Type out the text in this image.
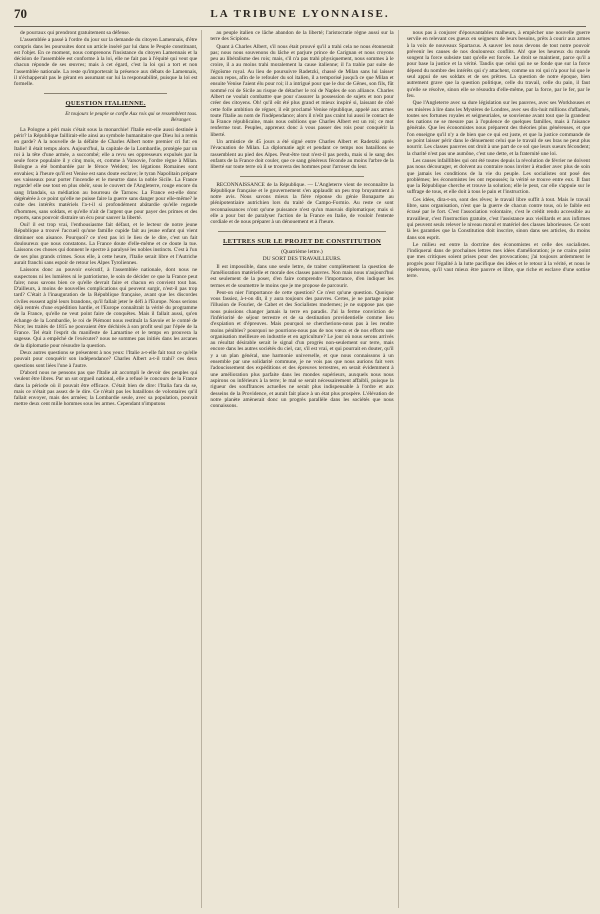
70	LA TRIBUNE LYONNAISE.

de pourraux qui prendront gratuitement sa défense.

L'assemblée a passé à l'ordre du jour sur la demande du citoyen Lamennais, d'être compris dans les poursuites dont un article inséré par lui dans le Peuple constituant, est l'objet. En ce moment, nous comprenons l'insistance du citoyen Lamennais et la décision de l'assemblée est conforme à la loi, elle ne fait pas à l'équité qui veut que chacun réponde de ses œuvres; mais à cet égard, c'est la loi qui a tort et non l'assemblée nationale. La reste qu'importerait la présence aux débats de Lamennais, il n'échapperait pas le gérant en assumant sur lui la responsabilité, puisque la loi est formelle.

QUESTION ITALIENNE.
Et toujours le peuple se confie Aux rois qui se ressemblent tous.
Béranger.

La Pologne a péri mais c'était sous la monarchie! l'Italie est-elle aussi destinée à périr? la République faillirait-elle ainsi au symbole humanitaire que Dieu lui a remis en garde? A la nouvelle de la défaite de Charles Albert notre premier cri fut: en Italie! il était temps alors. Aujourd'hui, la capitale de la Lombardie, protégée par un roi à la tête d'une armée, a succombé; elle a revu ses oppresseurs expulsés par la seule force populaire il y cinq mois, et, comme à Varsovie, l'ordre règne à Milan. Bologne a été bombardée par le féroce Welden; les légations Romaines sont envahies; à l'heure qu'il est Venise est sans doute esclave; le tyran Napolitain prépare ses vaisseaux pour porter l'incendie et le meurtre dans la noble Sicile. La France regarde! elle ose tout en plus obéir, sous le couvert de l'Angleterre, rouge encore du sang Irlandais, sa médiation au bourreau de Tarnow. La France est-elle donc dégénérée à ce point qu'elle ne puisse faire la guerre sans danger pour elle-même? le culte des intérêts matériels l'a-t-il si profondément abâtardie qu'elle regarde d'hommes, sans soldats, et qu'elle n'ait de l'argent que pour payer des primes et des reports, sans pouvoir distraire un écu pour sauver la liberté.

Oui! il est trop vrai, l'enthousiasme fait défaut, et le lecteur de notre jeune République a trouvé l'accueil qu'une famille cupide fait au jeune enfant qui vient diminuer son aisance. Pourquoi? ce n'est pas ici le lieu de le dire, c'est un fait douloureux que nous constatons. La France doute d'elle-même et ce doute la tue. Laissons ces choses qui donnent le spectre à paralysé les nobles instincts. C'est à l'un de ses plus grands crimes. Sous elle, à cette heure, l'Italie serait libre et l'Autriche aurait franchi sans espoir de retour les Alpes Tyroliennes.

Laissons donc au pouvoir exécutif, à l'assemblée nationale, dont nous ne suspectons ni les lumières ni le patriotisme, le soin de décider ce que la France peut faire; nous savons bien ce qu'elle devrait faire et chacun en convient tout bas. D'ailleurs, à moins de nouvelles complications qui peuvent surgir, n'est-il pas trop tard? C'était à l'inauguration de la République française, avant que les discordes civiles eussent agité leurs brandons, qu'il fallait jeter le défi à l'Europe. Nous serions déjà rentrés d'une expédition hardie, et l'Europe connaîtrait la vérité du programme de la France, qu'elle ne veut point faire de conquêtes. Mais il fallait aussi, qu'en échange de la Lombardie, le roi de Piémont nous restituât la Savoie et le comté de Nice; les traités de 1815 ne pouvaient être déchirés à son profit seul par l'épée de la France. Tel était l'esprit du manifeste de Lamartine et le temps en prouvera la sagesse. Qui a empêché de l'exécuter? nous ne sommes pas initiés dans les arcanes de la diplomatie pour résoudre la question.

Deux autres questions se présentent à nos yeux: l'Italie a-t-elle fait tout ce qu'elle pouvait pour conquérir son indépendance? Charles Albert a-t-il trahi? ces deux questions sont liées l'une à l'autre.

D'abord nous ne pensons pas que l'Italie ait accompli le devoir des peuples qui veulent être libres. Par un sot orgueil national, elle a refusé le concours de la France dans la période où il pouvait être efficace. C'était bien de dire: l'Italia fara da se, mais ce n'était pas assez de le dire. Ce n'était pas les bataillons de volontaires qu'il fallait envoyer, mais des armées; la Lombardie seule, avec sa population, pouvait mettre deux cent mille hommes sous les armes. Cependant n'imputons

au peuple italien ce lâche abandon de la liberté; l'aristocratie règne aussi sur la terre des Scipions.

Quant à Charles Albert, s'il nous était prouvé qu'il a trahi cela ne nous étonnerait pas; nous nous souvenons du lâche et parjure prince de Carignan et nous croyons peu au libéralisme des rois; mais, s'il n'a pas trahi physiquement, nous sommes à le croire, il a au moins trahi moralement la cause italienne; il l'a trahie par suite de l'égoïsme royal. Au lieu de poursuivre Radetzki, chassé de Milan sans lui laisser aucun repos, afin de le refouler du sol italien, il a temporisé jusqu'à ce que Milan et ensuite Venise l'aient élu pour roi; il a intrigué pour que le duc de Gênes, son fils, fût nommé roi de Sicile au risque de détacher le roi de Naples de son alliance. Charles Albert ne voulait combattre que pour s'assurer la possession de sujets et non pour créer des citoyens. Oh! qu'il eût été plus grand et mieux inspiré si, laissant de côté cette folle ambition de régner, il eût proclamé Venise république, appelé aux armes toute l'Italie au nom de l'indépendance; alors il n'eût pas craint lui aussi le contact de la France républicaine, mais nous oublions que Charles Albert est un roi; ce mot renferme tout. Peuples, apprenez donc à vous passer des rois pour conquérir la liberté.

Un armistice de 45 jours a été signé entre Charles Albert et Radetzki après l'évacuation de Milan. La diplomatie agit et pendant ce temps nos bataillons se rassemblent au pied des Alpes. Peut-être tout n'est-il pas perdu, mais si le sang des enfants de la France doit couler, que ce sang généreux féconde au moins l'arbre de la liberté sur toute terre où il se trouvera des hommes pour l'arroser du leur.

RECONNAISSANCE de la République. — L'Angleterre vient de reconnaître la République française et le gouvernement s'en applaudit un peu trop bruyamment à notre avis. Nous savons mieux la fière réponse du génie Bonaparte au plénipotentiaire autrichien lors du traité de Campo-Formio. Au reste ce sont reconnaissances n'ont qu'une puissance n'est qu'un mauvais diplomatique; mais si elle a pour but de paralyser l'action de la France en Italie, de vouloir l'entente cordiale et de nous préparer à un dénouement et à l'heure.

LETTRES SUR LE PROJET DE CONSTITUTION
(Quatrième lettre.)
DU SORT DES TRAVAILLEURS.

Il est impossible, dans une seule lettre, de traiter complètement la question de l'amélioration matérielle et morale des classes pauvres. Non mais nous n'aujourd'hui est seulement de la poser, d'en faire comprendre l'importance, d'en indiquer les termes et de soumettre le moins que je me propose de parcourir.

Peut-on nier l'importance de cette question? Ce n'est qu'une question. Quoique vous fassiez, à-t-on dit, il y aura toujours des pauvres. Certes, je ne partage point l'illusion de Fourier, de Cabet et des Socialistes modernes; je ne suppose pas que nous puissions changer jamais la terre en paradis. J'ai la ferme conviction de l'infériorité de séjour terrestre et de sa destination providentielle comme lieu d'expiation et d'épreuves. Mais pourquoi se chercherions-nous pas à les rendre moins pénibles? pourquoi ne pourrions-nous pas de nos vœux et de nos efforts une organisation meilleure en industrie et en agriculture? Le jour où nous serons arrivés au résultat désirable serait le signal d'un progrès non-seulement sur terre, mais encore dans les autres sociétés du ciel, car, s'il est vrai, et qui pourrait en douter, qu'il y a un plan général, une harmonie universelle, et que nous connaissons à un ensemble par une solidarité commune, je ne vois pas que nous aurions fait vers l'adoucissement des expéditions et des épreuves terrestres, en serait évidemment à une amélioration plus parfaite dans les mondes supérieurs, auxquels nous nous aspirons ou inférieurs à la terre; le mal se serait nécessairement affaibli, puisque la rigueur des souffrances actuelles ne serait plus indispensable à l'ordre et aux desseins de la Providence, et aurait fait place à un état plus prospère. L'élévation de notre planète amènerait donc un progrès parallèle dans les sociétés que nous connaissons.

nous pas à conjurer d'épouvantables malheurs, à empêcher une nouvelle guerre servile en relevant ces gueux en seigneurs de leurs besoins, prêts à courir aux armes à la voix de nouveaux Spartacus. A sauver les nous devons de tout notre pouvoir prévenir les causes de nos douloureux conflits. Ah! que les heureux du monde songent la force subsiste tant qu'elle est forcée. Le droit se maintient, parce qu'il a pour base la justice et la vérité. Tandis que celui qui ne se fonde que sur la force dépend du nombre des intérêts qui s'y attachent, comme un roi qui n'a pour lui que le seul appui de ses soldats et de ses prêtres. La question de notre époque, bien autrement grave que la question politique, celle du travail, celle du pain, il faut qu'elle se résolve, sinon elle se résoudra d'elle-même, par la force, par le fer, par le feu.

Que l'Angleterre avec sa dure législation sur les pauvres, avec ses Workhouses et ses misères à lire dans les Mystères de Londres, avec ses dix-huit millions d'affamés, toutes ses fortunes royales et seigneuriales, se souvienne avant tout que la grandeur des nations ne se mesure pas à l'opulence de quelques familles, mais à l'aisance générale. Que les économistes nous préparent des théories plus généreuses, et que l'on enseigne qu'il n'y a de bien que ce qui est juste, et que la justice commande de ne point laisser périr dans le dénuement celui que le travail de ses bras ne peut plus nourrir. Les classes pauvres ont droit à une part de ce sol que leurs sueurs fécondent; la charité n'est pas une aumône, c'est une dette, et la fraternité une loi.

Les causes infaillibles qui ont été toutes depuis la révolution de février ne doivent pas nous décourager, et doivent au contraire nous inviter à étudier avec plus de soin que jamais les conditions de la vie du peuple. Les socialistes ont posé des problèmes; les économistes les ont repoussés; la vérité se trouve entre eux. Il faut que la République cherche et trouve la solution; elle le peut, car elle s'appuie sur le suffrage de tous, et elle doit à tous le pain et l'instruction.

Ces idées, dira-t-on, sont des rêves; le travail libre suffit à tout. Mais le travail libre, sans organisation, n'est que la guerre de chacun contre tous, où le faible est écrasé par le fort. C'est l'association volontaire, c'est le crédit rendu accessible au travailleur, c'est l'instruction gratuite, c'est l'assistance aux vieillards et aux infirmes qui peuvent seuls relever le niveau moral et matériel des classes laborieuses. Ce sont là les garanties que la Constitution doit inscrire, sinon dans ses articles, du moins dans son esprit.

Le milieu est entre la doctrine des économistes et celle des socialistes. J'indiquerai dans de prochaines lettres mes idées d'amélioration; je ne crains point que mes critiques soient prises pour des provocations; j'ai toujours ardemment le progrès pour l'égalité à la lutte pacifique des idées et le retour à la vérité, et nous le répéterons, qu'il vaut mieux être pauvre et libre, que riche et esclave d'une sottise terre.
